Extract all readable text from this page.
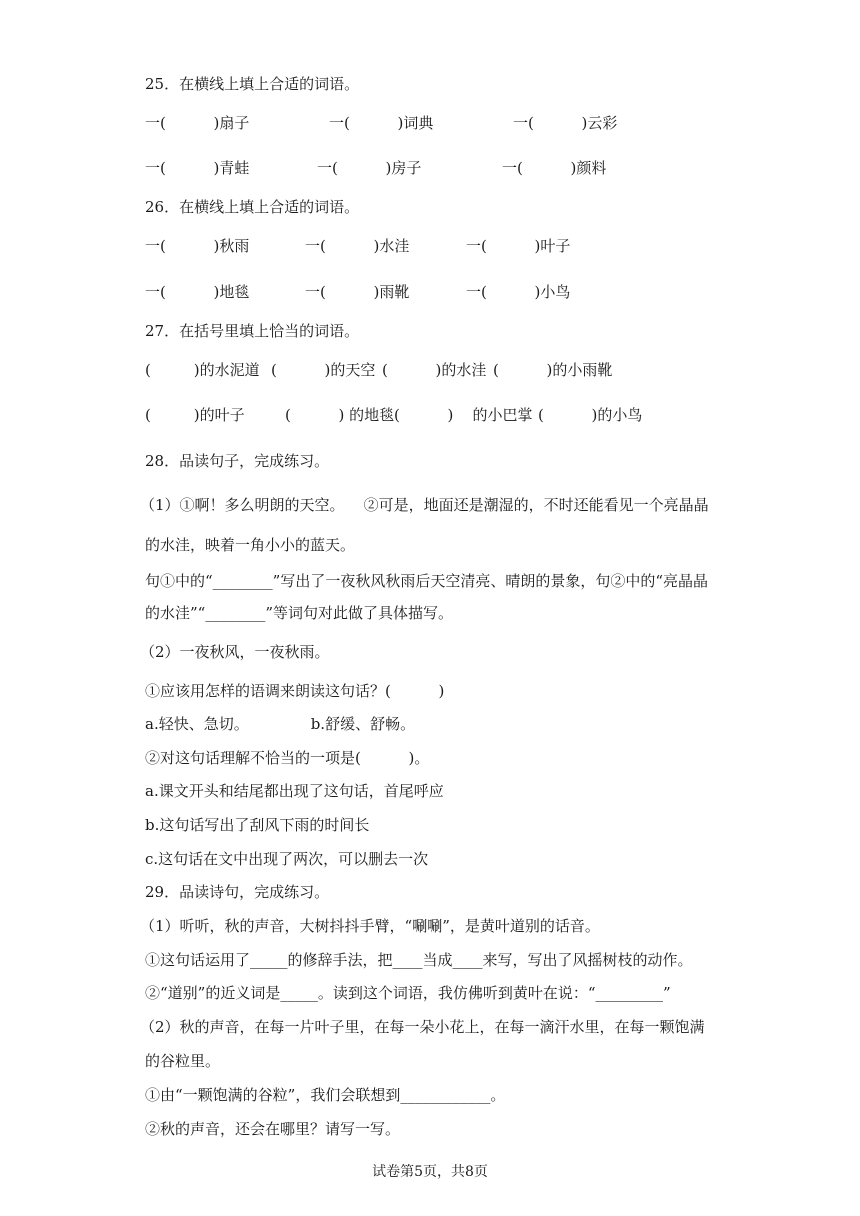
25．在横线上填上合适的词语。
一(          )扇子	一(          )词典	一(          )云彩
一(          )青蛙	一(          )房子	一(          )颜料
26．在横线上填上合适的词语。
一(          )秋雨	一(          )水洼	一(          )叶子
一(          )地毯	一(          )雨靴	一(          )小鸟
27．在括号里填上恰当的词语。
(         )的水泥道 (          )的天空 (          )的水洼 (          )的小雨靴
(         )的叶子	(          ) 的地毯 (          )    的小巴掌 (          )的小鸟
28．品读句子，完成练习。
（1）①啊！多么明朗的天空。    ②可是，地面还是潮湿的，不时还能看见一个亮晶晶
的水洼，映着一角小小的蓝天。
句①中的“________”写出了一夜秋风秋雨后天空清亮、晴朗的景象，句②中的“亮晶晶
的水洼”“________”等词句对此做了具体描写。
（2）一夜秋风，一夜秋雨。
①应该用怎样的语调来朗读这句话？(          )
a.轻快、急切。             b.舒缓、舒畅。
②对这句话理解不恰当的一项是(          )。
a.课文开头和结尾都出现了这句话，首尾呼应
b.这句话写出了刮风下雨的时间长
c.这句话在文中出现了两次，可以删去一次
29．品读诗句，完成练习。
（1）听听，秋的声音，大树抖抖手臂，“唰唰”，是黄叶道别的话音。
①这句话运用了_____的修辞手法，把____当成____来写，写出了风摇树枝的动作。
②“道别”的近义词是_____。读到这个词语，我仿佛听到黄叶在说：“_________”
（2）秋的声音，在每一片叶子里，在每一朵小花上，在每一滴汗水里，在每一颗饱满
的谷粒里。
①由“一颗饱满的谷粒”，我们会联想到____________。
②秋的声音，还会在哪里？请写一写。
试卷第5页，共8页
